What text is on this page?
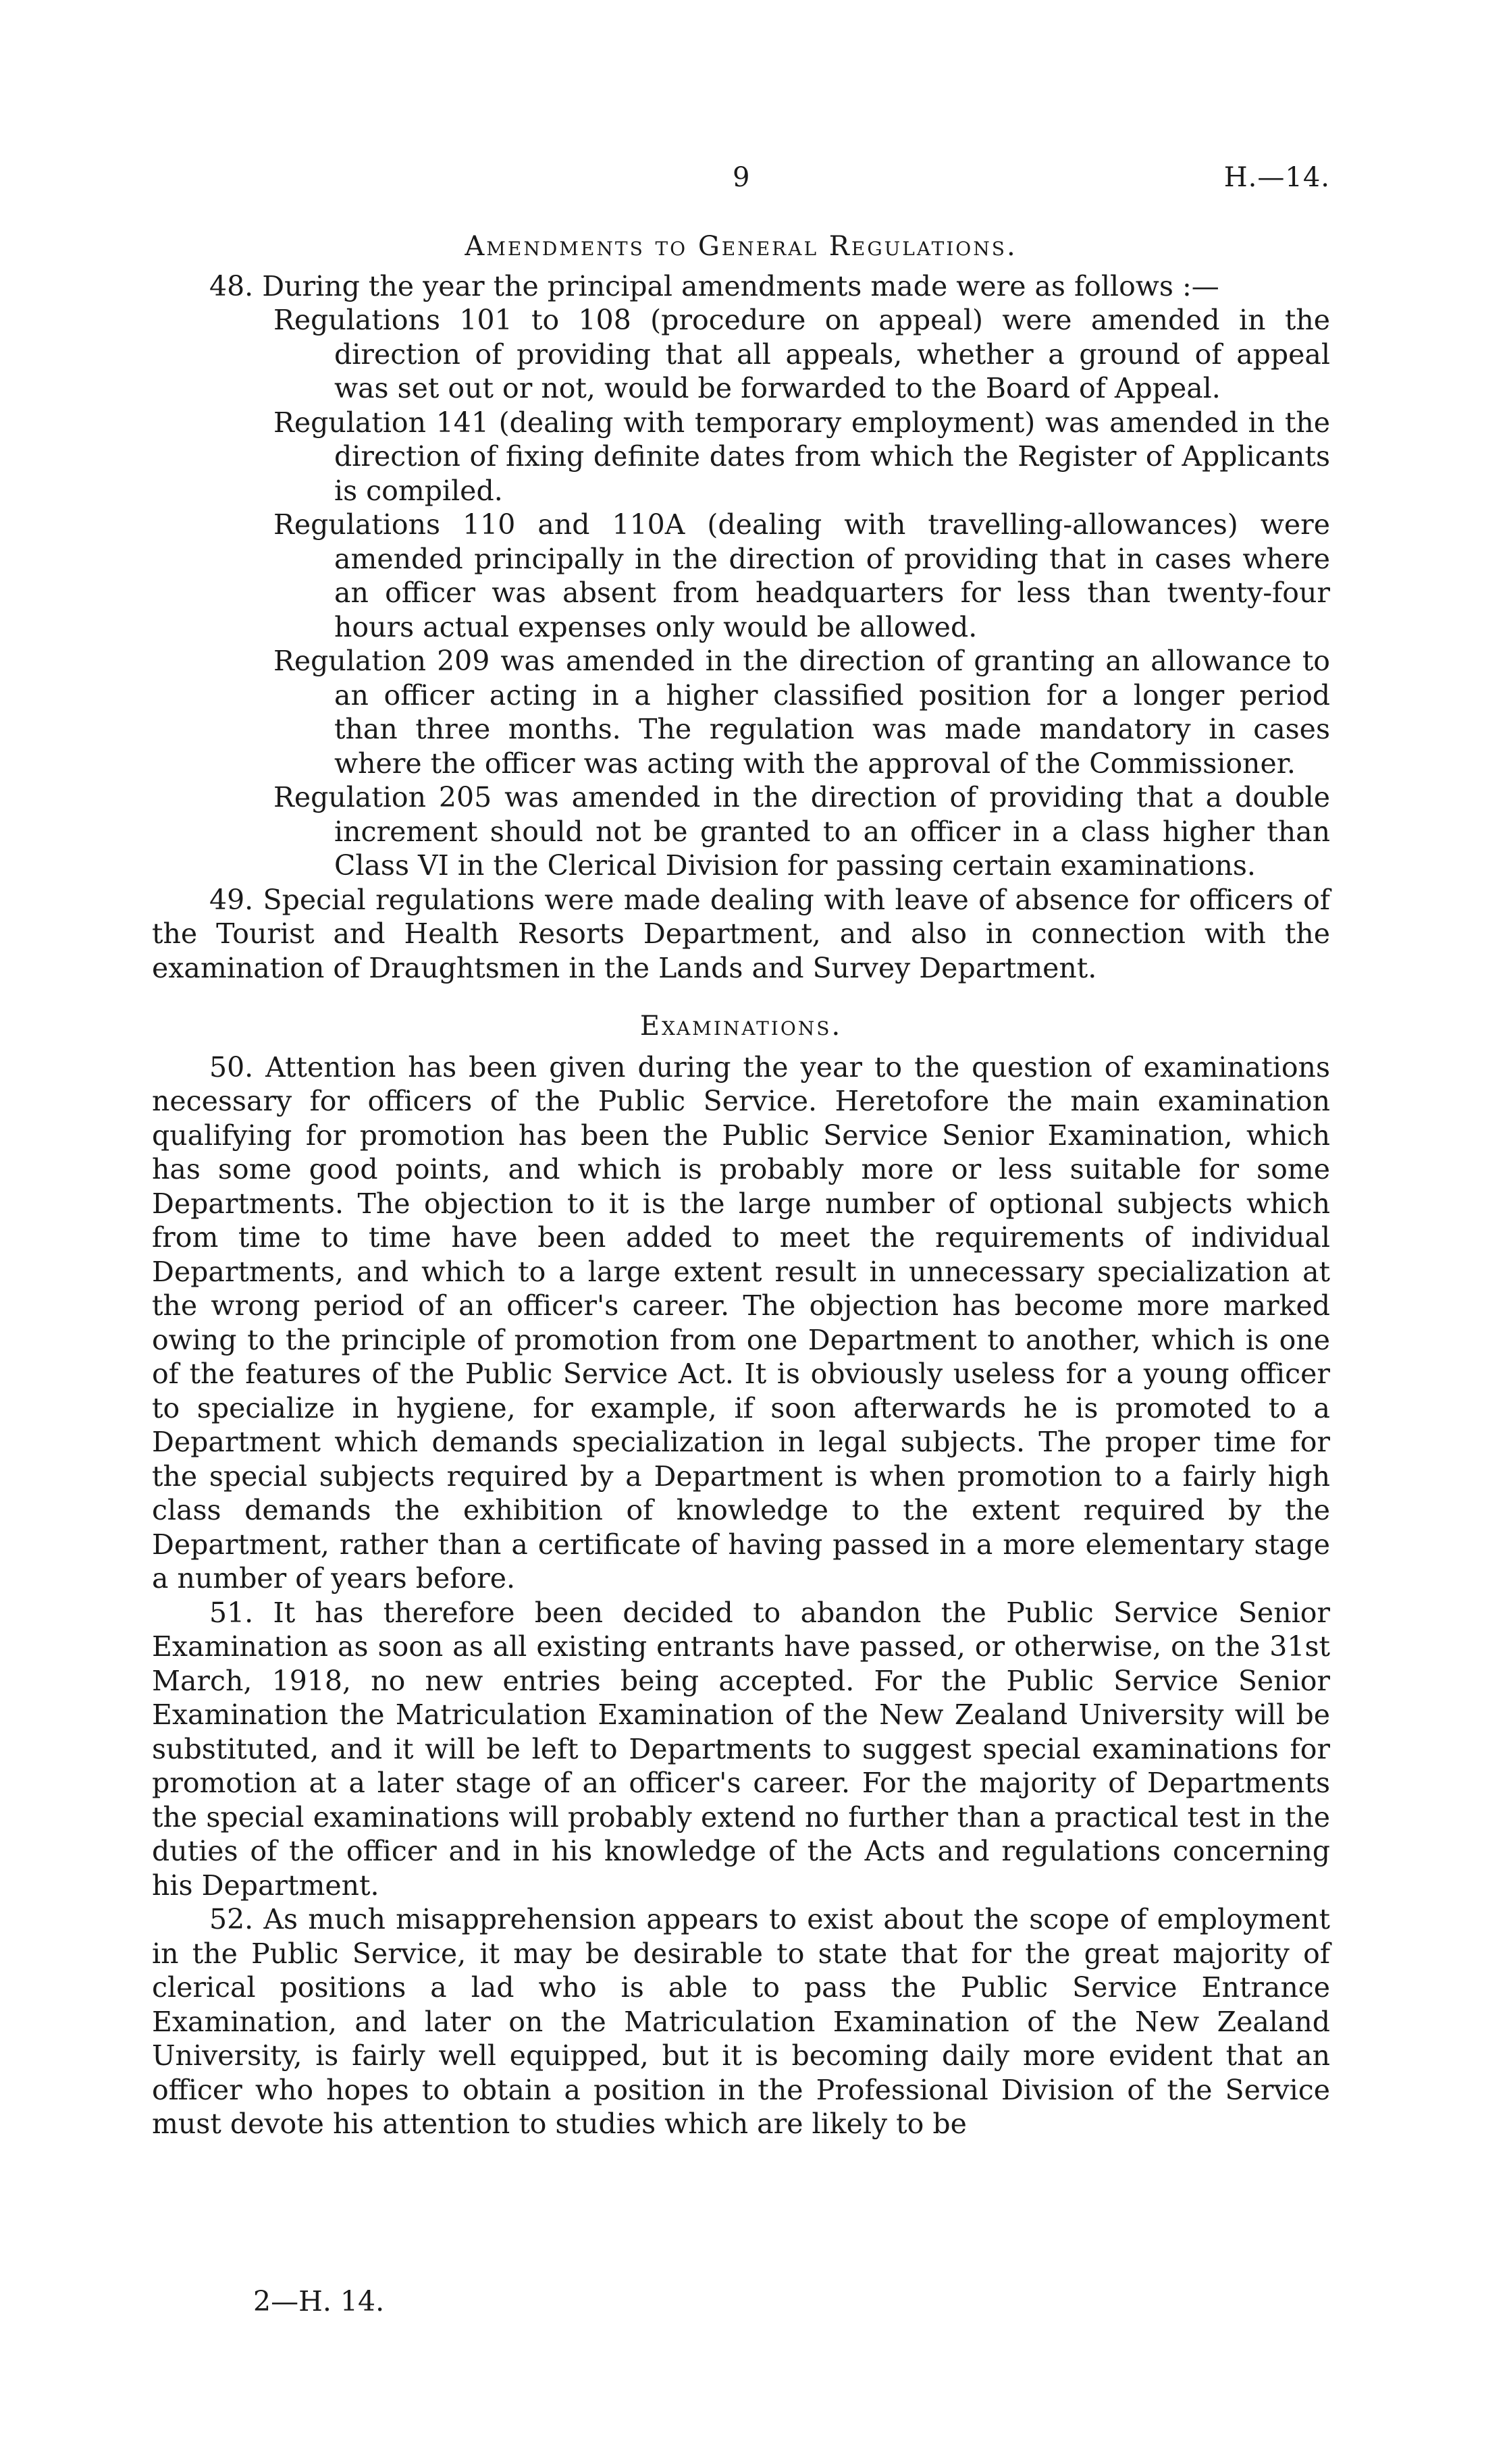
9	H.—14.

Amendments to General Regulations.

48. During the year the principal amendments made were as follows :—

Regulations 101 to 108 (procedure on appeal) were amended in the direction of providing that all appeals, whether a ground of appeal was set out or not, would be forwarded to the Board of Appeal.

Regulation 141 (dealing with temporary employment) was amended in the direction of fixing definite dates from which the Register of Applicants is compiled.

Regulations 110 and 110A (dealing with travelling-allowances) were amended principally in the direction of providing that in cases where an officer was absent from headquarters for less than twenty-four hours actual expenses only would be allowed.

Regulation 209 was amended in the direction of granting an allowance to an officer acting in a higher classified position for a longer period than three months. The regulation was made mandatory in cases where the officer was acting with the approval of the Commissioner.

Regulation 205 was amended in the direction of providing that a double increment should not be granted to an officer in a class higher than Class VI in the Clerical Division for passing certain examinations.

49. Special regulations were made dealing with leave of absence for officers of the Tourist and Health Resorts Department, and also in connection with the examination of Draughtsmen in the Lands and Survey Department.

Examinations.

50. Attention has been given during the year to the question of examinations necessary for officers of the Public Service. Heretofore the main examination qualifying for promotion has been the Public Service Senior Examination, which has some good points, and which is probably more or less suitable for some Departments. The objection to it is the large number of optional subjects which from time to time have been added to meet the requirements of individual Departments, and which to a large extent result in unnecessary specialization at the wrong period of an officer's career. The objection has become more marked owing to the principle of promotion from one Department to another, which is one of the features of the Public Service Act. It is obviously useless for a young officer to specialize in hygiene, for example, if soon afterwards he is promoted to a Department which demands specialization in legal subjects. The proper time for the special subjects required by a Department is when promotion to a fairly high class demands the exhibition of knowledge to the extent required by the Department, rather than a certificate of having passed in a more elementary stage a number of years before.

51. It has therefore been decided to abandon the Public Service Senior Examination as soon as all existing entrants have passed, or otherwise, on the 31st March, 1918, no new entries being accepted. For the Public Service Senior Examination the Matriculation Examination of the New Zealand University will be substituted, and it will be left to Departments to suggest special examinations for promotion at a later stage of an officer's career. For the majority of Departments the special examinations will probably extend no further than a practical test in the duties of the officer and in his knowledge of the Acts and regulations concerning his Department.

52. As much misapprehension appears to exist about the scope of employment in the Public Service, it may be desirable to state that for the great majority of clerical positions a lad who is able to pass the Public Service Entrance Examination, and later on the Matriculation Examination of the New Zealand University, is fairly well equipped, but it is becoming daily more evident that an officer who hopes to obtain a position in the Professional Division of the Service must devote his attention to studies which are likely to be

2—H. 14.
